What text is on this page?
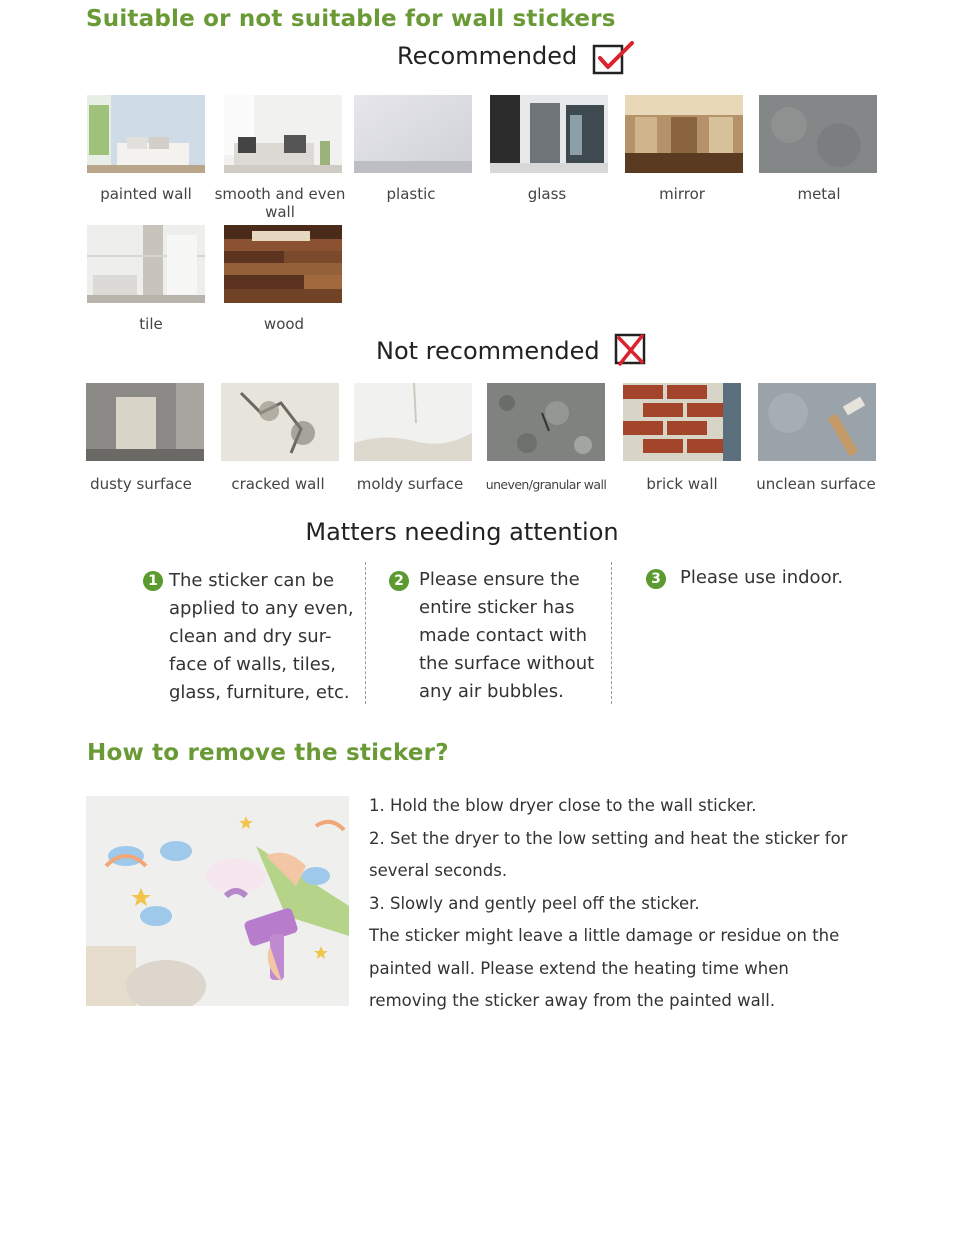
Suitable or not suitable for wall stickers
Recommended
painted wall	smooth and even wall
plastic	glass	mirror	metal
tile	wood
Not recommended
dusty surface	cracked wall	moldy surface	uneven/granular wall	brick wall	unclean surface
Matters needing attention
1 The sticker can be
applied to any even,
clean and dry sur-
face of walls, tiles,
glass, furniture, etc.
2 Please ensure the
entire sticker has
made contact with
the surface without
any air bubbles.
3 Please use indoor.
How to remove the sticker?

1. Hold the blow dryer close to the wall sticker.

2. Set the dryer to the low setting and heat the sticker for several seconds.

3. Slowly and gently peel off the sticker.

The sticker might leave a little damage or residue on the painted wall. Please extend the heating time when removing the sticker away from the painted wall.
